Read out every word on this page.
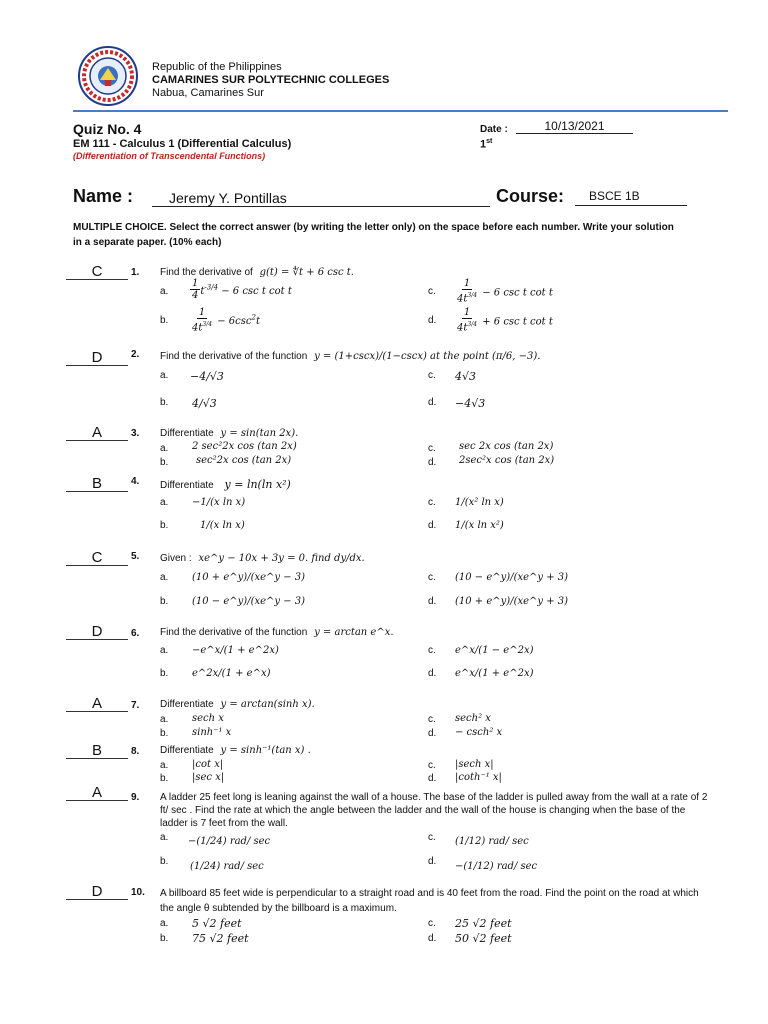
Republic of the Philippines
CAMARINES SUR POLYTECHNIC COLLEGES
Nabua, Camarines Sur
Quiz No. 4
EM 111 - Calculus 1 (Differential Calculus)
(Differentiation of Transcendental Functions)
Date :	10/13/2021
1st
Name :	Jeremy Y. Pontillas	Course:	BSCE 1B
MULTIPLE CHOICE. Select the correct answer (by writing the letter only) on the space before each number. Write your solution in a separate paper. (10% each)
C	1. Find the derivative of g(t) = ∜t + 6 csc t.
a. $\frac{1}{4} t^{-3/4} - 6$ csc t cot t
b. $\frac{1}{4t^{3/4}} - 6\csc^2t$
c. $\frac{1}{4t^{3/4}} - 6$ csc t cot t
d. $\frac{1}{4t^{3/4}} + 6$ csc t cot t
D	2. Find the derivative of the function y = (1+cscx)/(1−cscx) at the point (π/6, −3).
a. −4/√3
b. 4/√3
c. 4√3
d. −4√3
A	3. Differentiate y = sin(tan 2x).
a. 2 sec²2x cos (tan 2x)
b.	sec²2x cos (tan 2x)
c. sec 2x cos (tan 2x)
d. 2sec²x cos (tan 2x)
B	4. Differentiate y = ln(ln x²)
a. −1/(x ln x)
b.	1/(x ln x)
c. 1/(x² ln x)
d. 1/(x ln x²)
C	5. Given : xe^y − 10x + 3y = 0. find dy/dx.
a. (10 + e^y)/(xe^y − 3)
b. (10 − e^y)/(xe^y − 3)
c. (10 − e^y)/(xe^y + 3)
d. (10 + e^y)/(xe^y + 3)
D	6. Find the derivative of the function y = arctan e^x.
a. −e^x/(1 + e^2x)
b. e^2x/(1 + e^x)
c. e^x/(1 − e^2x)
d. e^x/(1 + e^2x)
A	7. Differentiate y = arctan(sinh x).
a. sech x
b. sinh⁻¹ x
c. sech² x
d. − csch² x
B	8. Differentiate y = sinh⁻¹(tan x) .
a. |cot x|
b. |sec x|
c. |sech x|
d. |coth⁻¹ x|
A	9. A ladder 25 feet long is leaning against the wall of a house. The base of the ladder is pulled away from the wall at a rate of 2 ft/ sec . Find the rate at which the angle between the ladder and the wall of the house is changing when the base of the ladder is 7 feet from the wall.
a. −(1/24) rad/ sec
b. (1/24) rad/ sec
c. (1/12) rad/ sec
d. −(1/12) rad/ sec
D	10. A billboard 85 feet wide is perpendicular to a straight road and is 40 feet from the road. Find the point on the road at which the angle θ subtended by the billboard is a maximum.
a. 5 √2 feet
b. 75 √2 feet
c. 25 √2 feet
d. 50 √2 feet
